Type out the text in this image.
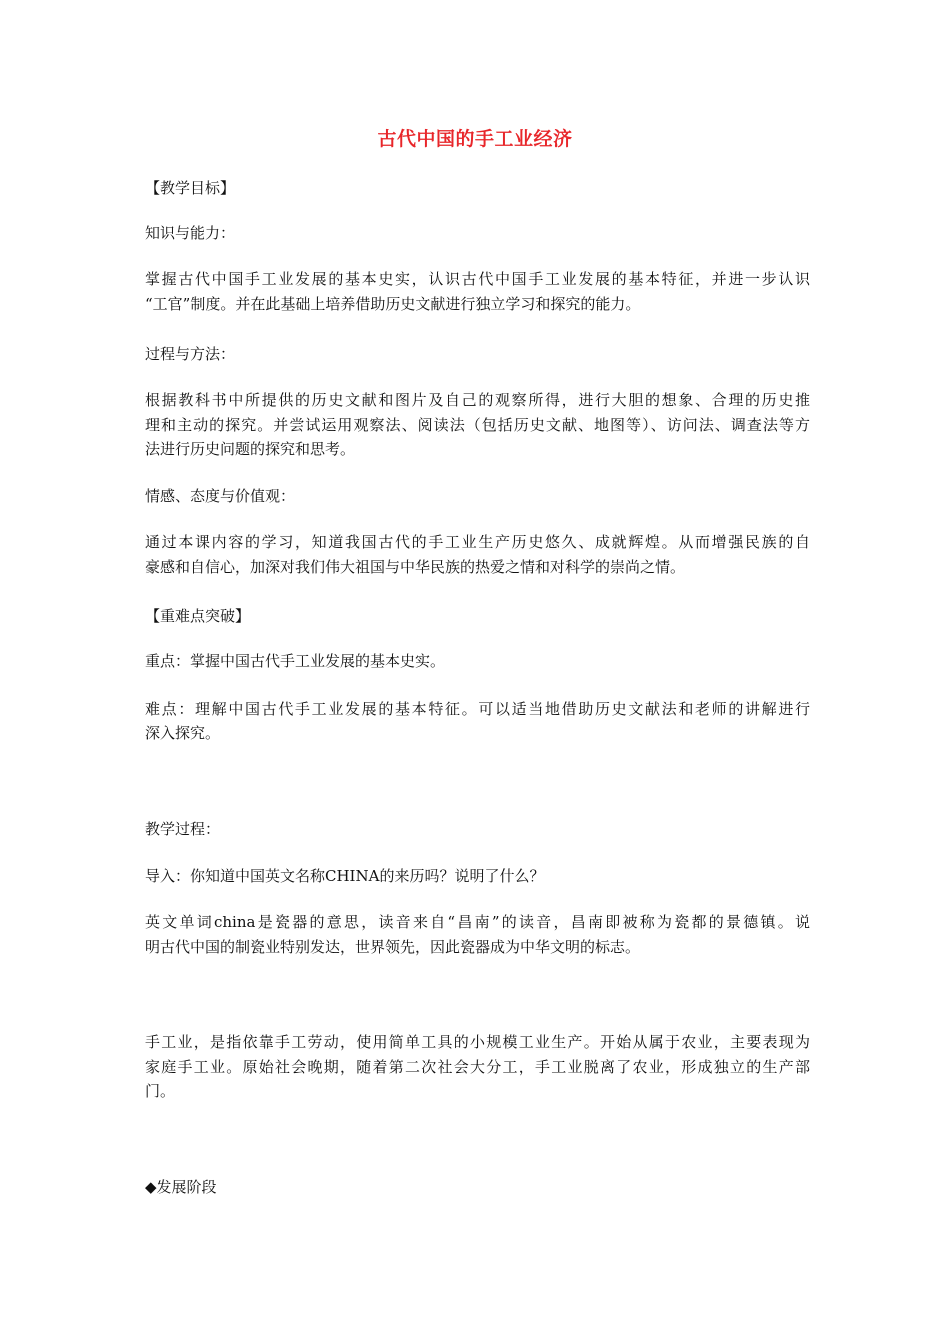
古代中国的手工业经济
【教学目标】
知识与能力：
掌握古代中国手工业发展的基本史实，认识古代中国手工业发展的基本特征，并进一步认识
“工官”制度。并在此基础上培养借助历史文献进行独立学习和探究的能力。
过程与方法：
根据教科书中所提供的历史文献和图片及自己的观察所得，进行大胆的想象、合理的历史推
理和主动的探究。并尝试运用观察法、阅读法（包括历史文献、地图等）、访问法、调查法等方
法进行历史问题的探究和思考。
情感、态度与价值观：
通过本课内容的学习，知道我国古代的手工业生产历史悠久、成就辉煌。从而增强民族的自
豪感和自信心，加深对我们伟大祖国与中华民族的热爱之情和对科学的崇尚之情。
【重难点突破】
重点：掌握中国古代手工业发展的基本史实。
难点：理解中国古代手工业发展的基本特征。可以适当地借助历史文献法和老师的讲解进行
深入探究。
教学过程：
导入：你知道中国英文名称CHINA的来历吗？说明了什么？
英文单词china是瓷器的意思，读音来自“昌南”的读音，昌南即被称为瓷都的景德镇。说
明古代中国的制瓷业特别发达，世界领先，因此瓷器成为中华文明的标志。
手工业，是指依靠手工劳动，使用简单工具的小规模工业生产。开始从属于农业，主要表现为
家庭手工业。原始社会晚期，随着第二次社会大分工，手工业脱离了农业，形成独立的生产部
门。
◆发展阶段
